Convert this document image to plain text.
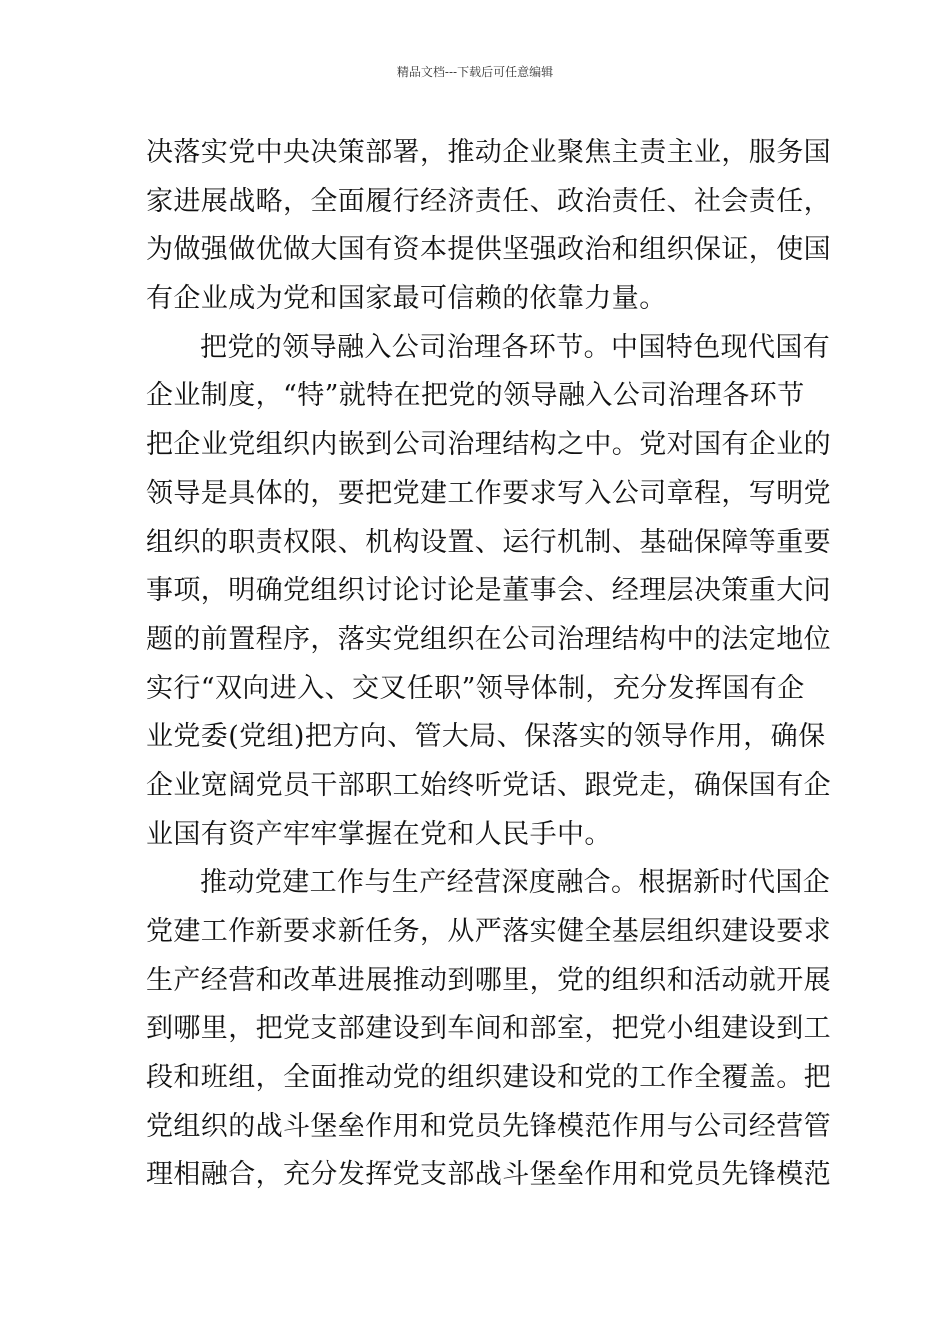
精品文档---下载后可任意编辑
决落实党中央决策部署，推动企业聚焦主责主业，服务国
家进展战略，全面履行经济责任、政治责任、社会责任，
为做强做优做大国有资本提供坚强政治和组织保证，使国
有企业成为党和国家最可信赖的依靠力量。
把党的领导融入公司治理各环节。中国特色现代国有
企业制度，“特”就特在把党的领导融入公司治理各环节
把企业党组织内嵌到公司治理结构之中。党对国有企业的
领导是具体的，要把党建工作要求写入公司章程，写明党
组织的职责权限、机构设置、运行机制、基础保障等重要
事项，明确党组织讨论讨论是董事会、经理层决策重大问
题的前置程序，落实党组织在公司治理结构中的法定地位
实行“双向进入、交叉任职”领导体制，充分发挥国有企
业党委(党组)把方向、管大局、保落实的领导作用，确保
企业宽阔党员干部职工始终听党话、跟党走，确保国有企
业国有资产牢牢掌握在党和人民手中。
推动党建工作与生产经营深度融合。根据新时代国企
党建工作新要求新任务，从严落实健全基层组织建设要求
生产经营和改革进展推动到哪里，党的组织和活动就开展
到哪里，把党支部建设到车间和部室，把党小组建设到工
段和班组，全面推动党的组织建设和党的工作全覆盖。把
党组织的战斗堡垒作用和党员先锋模范作用与公司经营管
理相融合，充分发挥党支部战斗堡垒作用和党员先锋模范
